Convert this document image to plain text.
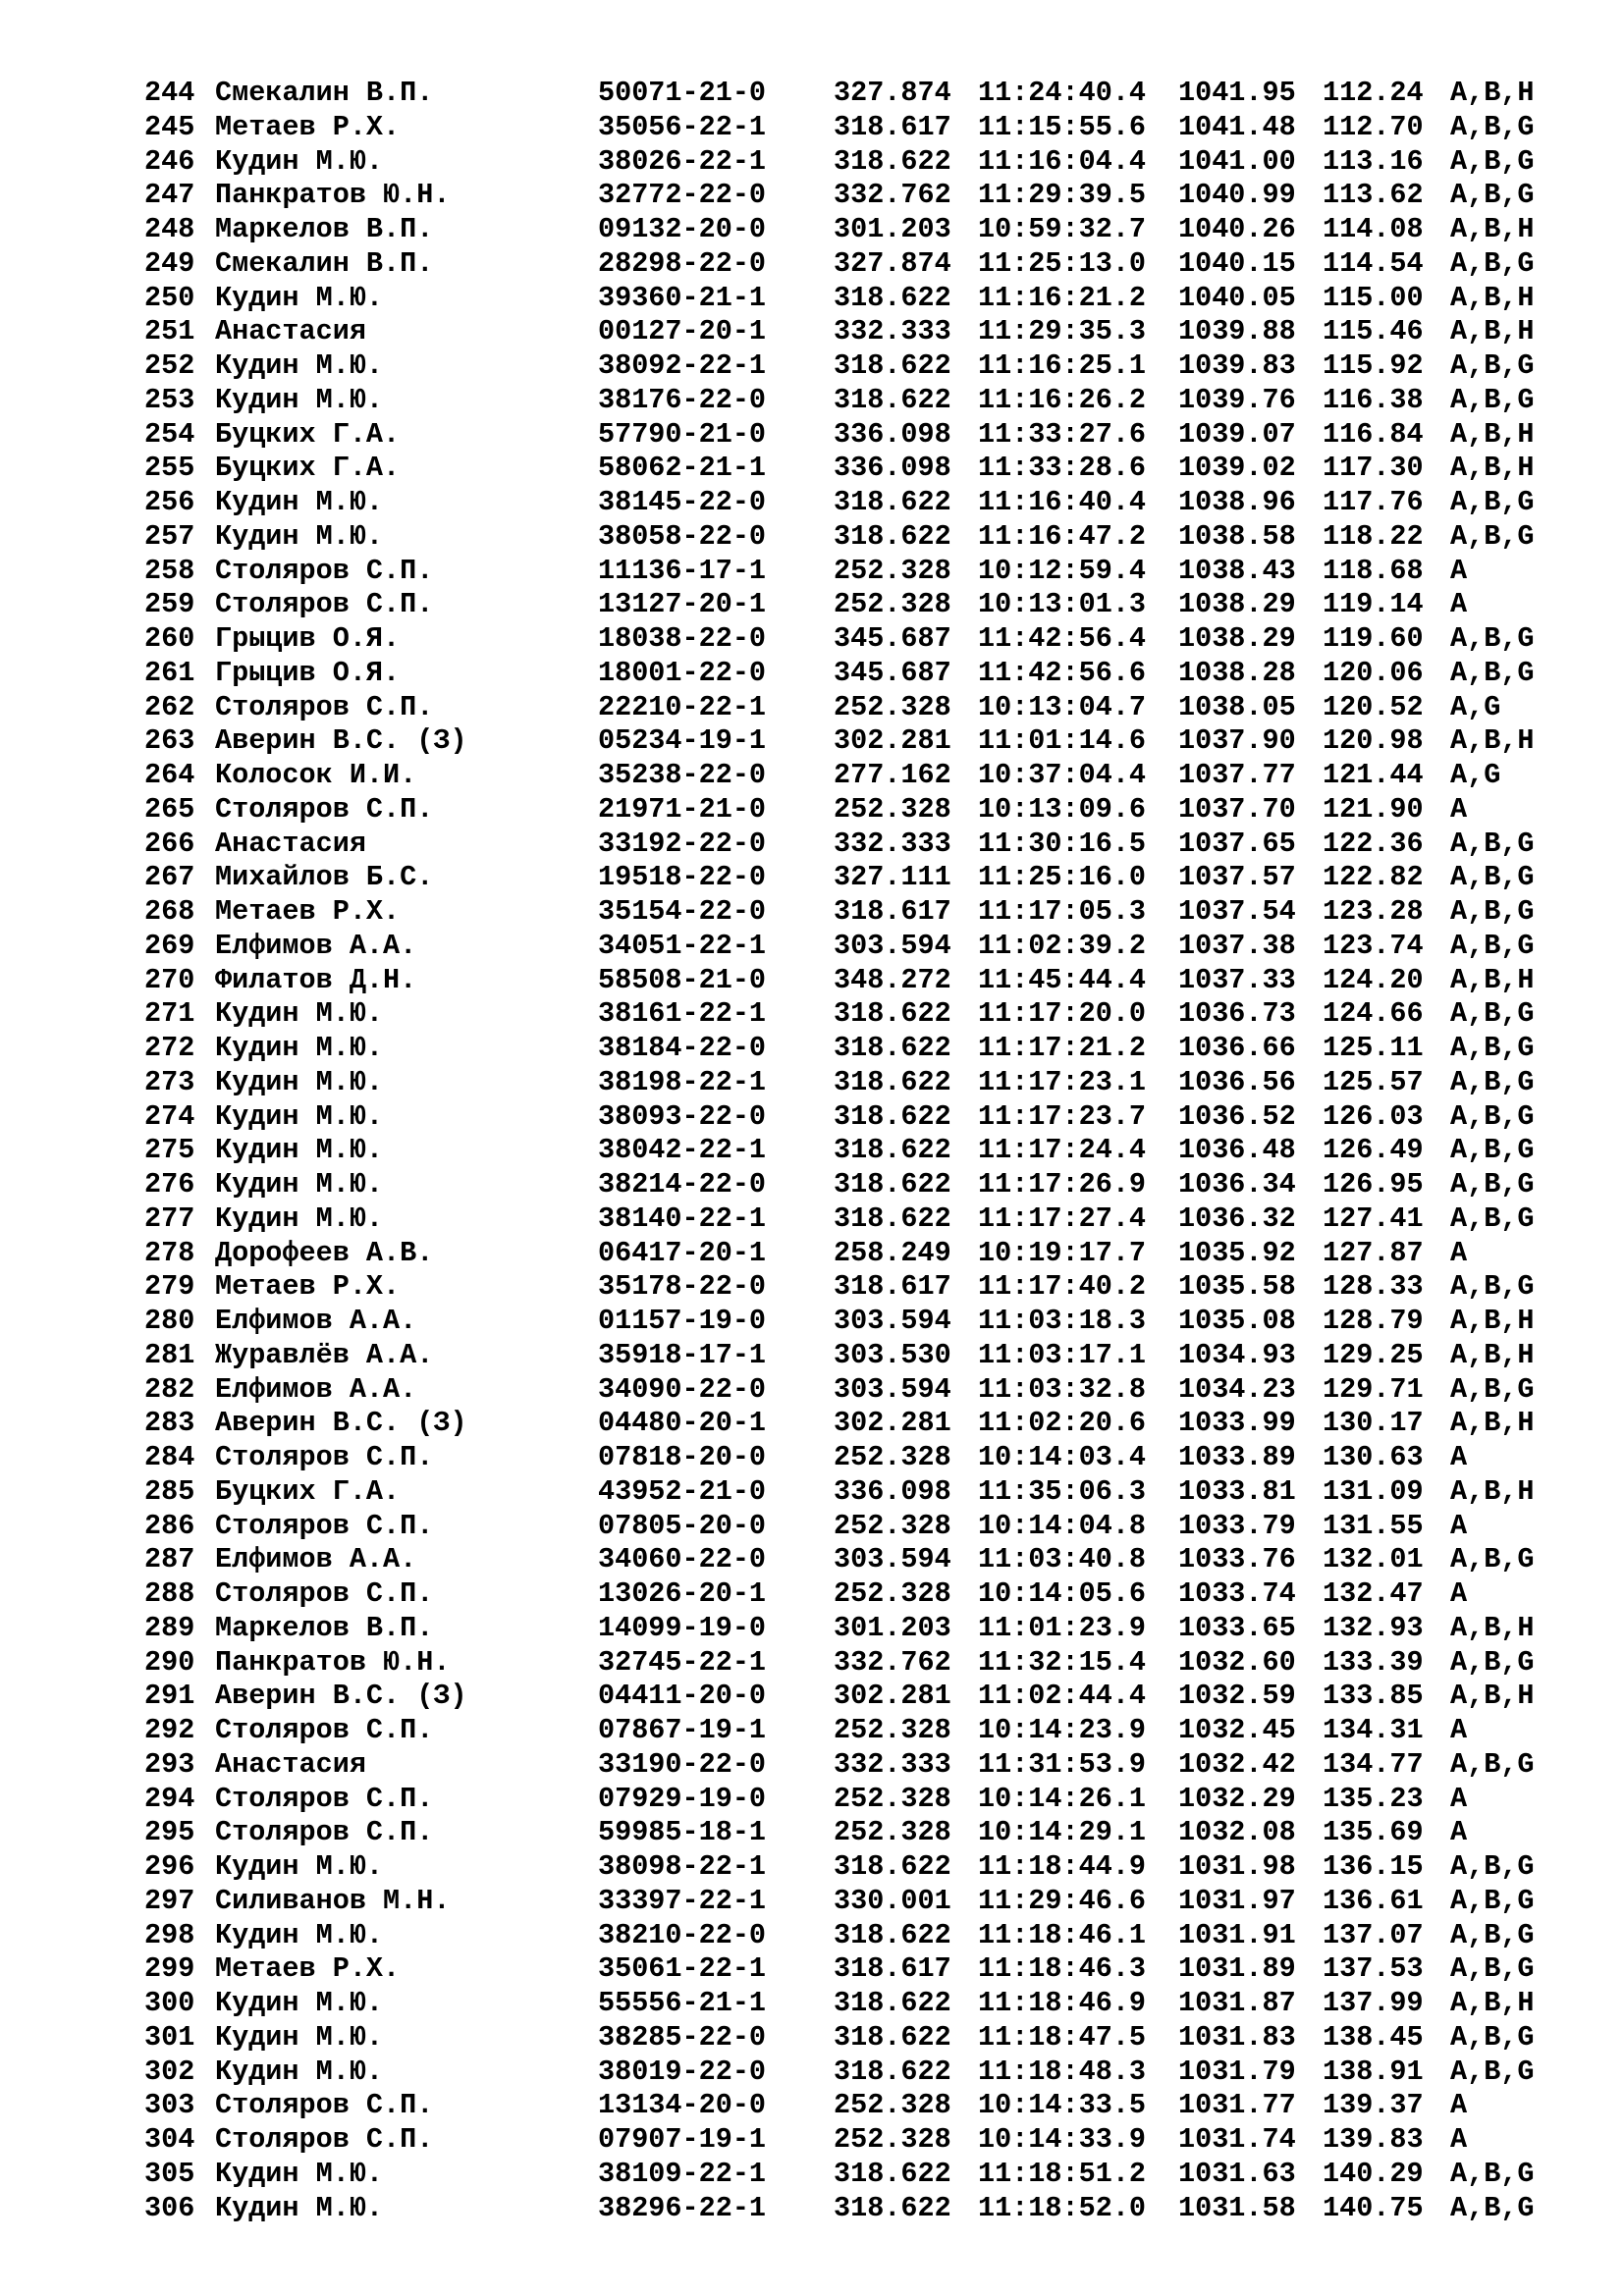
244 Смекалин В.П.	50071-21-0 327.874 11:24:40.4 1041.95 112.24 A,B,H
245 Метаев Р.Х.	35056-22-1 318.617 11:15:55.6 1041.48 112.70 A,B,G
246 Кудин М.Ю.	38026-22-1 318.622 11:16:04.4 1041.00 113.16 A,B,G
247 Панкратов Ю.Н.	32772-22-0 332.762 11:29:39.5 1040.99 113.62 A,B,G
248 Маркелов В.П.	09132-20-0 301.203 10:59:32.7 1040.26 114.08 A,B,H
249 Смекалин В.П.	28298-22-0 327.874 11:25:13.0 1040.15 114.54 A,B,G
250 Кудин М.Ю.	39360-21-1 318.622 11:16:21.2 1040.05 115.00 A,B,H
251 Анастасия	00127-20-1 332.333 11:29:35.3 1039.88 115.46 A,B,H
252 Кудин М.Ю.	38092-22-1 318.622 11:16:25.1 1039.83 115.92 A,B,G
253 Кудин М.Ю.	38176-22-0 318.622 11:16:26.2 1039.76 116.38 A,B,G
254 Буцких Г.А.	57790-21-0 336.098 11:33:27.6 1039.07 116.84 A,B,H
255 Буцких Г.А.	58062-21-1 336.098 11:33:28.6 1039.02 117.30 A,B,H
256 Кудин М.Ю.	38145-22-0 318.622 11:16:40.4 1038.96 117.76 A,B,G
257 Кудин М.Ю.	38058-22-0 318.622 11:16:47.2 1038.58 118.22 A,B,G
258 Столяров С.П.	11136-17-1 252.328 10:12:59.4 1038.43 118.68 A
259 Столяров С.П.	13127-20-1 252.328 10:13:01.3 1038.29 119.14 A
260 Грыцив О.Я.	18038-22-0 345.687 11:42:56.4 1038.29 119.60 A,B,G
261 Грыцив О.Я.	18001-22-0 345.687 11:42:56.6 1038.28 120.06 A,B,G
262 Столяров С.П.	22210-22-1 252.328 10:13:04.7 1038.05 120.52 A,G
263 Аверин В.С. (З)	05234-19-1 302.281 11:01:14.6 1037.90 120.98 A,B,H
264 Колосок И.И.	35238-22-0 277.162 10:37:04.4 1037.77 121.44 A,G
265 Столяров С.П.	21971-21-0 252.328 10:13:09.6 1037.70 121.90 A
266 Анастасия	33192-22-0 332.333 11:30:16.5 1037.65 122.36 A,B,G
267 Михайлов Б.С.	19518-22-0 327.111 11:25:16.0 1037.57 122.82 A,B,G
268 Метаев Р.Х.	35154-22-0 318.617 11:17:05.3 1037.54 123.28 A,B,G
269 Елфимов А.А.	34051-22-1 303.594 11:02:39.2 1037.38 123.74 A,B,G
270 Филатов Д.Н.	58508-21-0 348.272 11:45:44.4 1037.33 124.20 A,B,H
271 Кудин М.Ю.	38161-22-1 318.622 11:17:20.0 1036.73 124.66 A,B,G
272 Кудин М.Ю.	38184-22-0 318.622 11:17:21.2 1036.66 125.11 A,B,G
273 Кудин М.Ю.	38198-22-1 318.622 11:17:23.1 1036.56 125.57 A,B,G
274 Кудин М.Ю.	38093-22-0 318.622 11:17:23.7 1036.52 126.03 A,B,G
275 Кудин М.Ю.	38042-22-1 318.622 11:17:24.4 1036.48 126.49 A,B,G
276 Кудин М.Ю.	38214-22-0 318.622 11:17:26.9 1036.34 126.95 A,B,G
277 Кудин М.Ю.	38140-22-1 318.622 11:17:27.4 1036.32 127.41 A,B,G
278 Дорофеев А.В.	06417-20-1 258.249 10:19:17.7 1035.92 127.87 A
279 Метаев Р.Х.	35178-22-0 318.617 11:17:40.2 1035.58 128.33 A,B,G
280 Елфимов А.А.	01157-19-0 303.594 11:03:18.3 1035.08 128.79 A,B,H
281 Журавлёв А.А.	35918-17-1 303.530 11:03:17.1 1034.93 129.25 A,B,H
282 Елфимов А.А.	34090-22-0 303.594 11:03:32.8 1034.23 129.71 A,B,G
283 Аверин В.С. (З)	04480-20-1 302.281 11:02:20.6 1033.99 130.17 A,B,H
284 Столяров С.П.	07818-20-0 252.328 10:14:03.4 1033.89 130.63 A
285 Буцких Г.А.	43952-21-0 336.098 11:35:06.3 1033.81 131.09 A,B,H
286 Столяров С.П.	07805-20-0 252.328 10:14:04.8 1033.79 131.55 A
287 Елфимов А.А.	34060-22-0 303.594 11:03:40.8 1033.76 132.01 A,B,G
288 Столяров С.П.	13026-20-1 252.328 10:14:05.6 1033.74 132.47 A
289 Маркелов В.П.	14099-19-0 301.203 11:01:23.9 1033.65 132.93 A,B,H
290 Панкратов Ю.Н.	32745-22-1 332.762 11:32:15.4 1032.60 133.39 A,B,G
291 Аверин В.С. (З)	04411-20-0 302.281 11:02:44.4 1032.59 133.85 A,B,H
292 Столяров С.П.	07867-19-1 252.328 10:14:23.9 1032.45 134.31 A
293 Анастасия	33190-22-0 332.333 11:31:53.9 1032.42 134.77 A,B,G
294 Столяров С.П.	07929-19-0 252.328 10:14:26.1 1032.29 135.23 A
295 Столяров С.П.	59985-18-1 252.328 10:14:29.1 1032.08 135.69 A
296 Кудин М.Ю.	38098-22-1 318.622 11:18:44.9 1031.98 136.15 A,B,G
297 Силиванов М.Н.	33397-22-1 330.001 11:29:46.6 1031.97 136.61 A,B,G
298 Кудин М.Ю.	38210-22-0 318.622 11:18:46.1 1031.91 137.07 A,B,G
299 Метаев Р.Х.	35061-22-1 318.617 11:18:46.3 1031.89 137.53 A,B,G
300 Кудин М.Ю.	55556-21-1 318.622 11:18:46.9 1031.87 137.99 A,B,H
301 Кудин М.Ю.	38285-22-0 318.622 11:18:47.5 1031.83 138.45 A,B,G
302 Кудин М.Ю.	38019-22-0 318.622 11:18:48.3 1031.79 138.91 A,B,G
303 Столяров С.П.	13134-20-0 252.328 10:14:33.5 1031.77 139.37 A
304 Столяров С.П.	07907-19-1 252.328 10:14:33.9 1031.74 139.83 A
305 Кудин М.Ю.	38109-22-1 318.622 11:18:51.2 1031.63 140.29 A,B,G
306 Кудин М.Ю.	38296-22-1 318.622 11:18:52.0 1031.58 140.75 A,B,G
